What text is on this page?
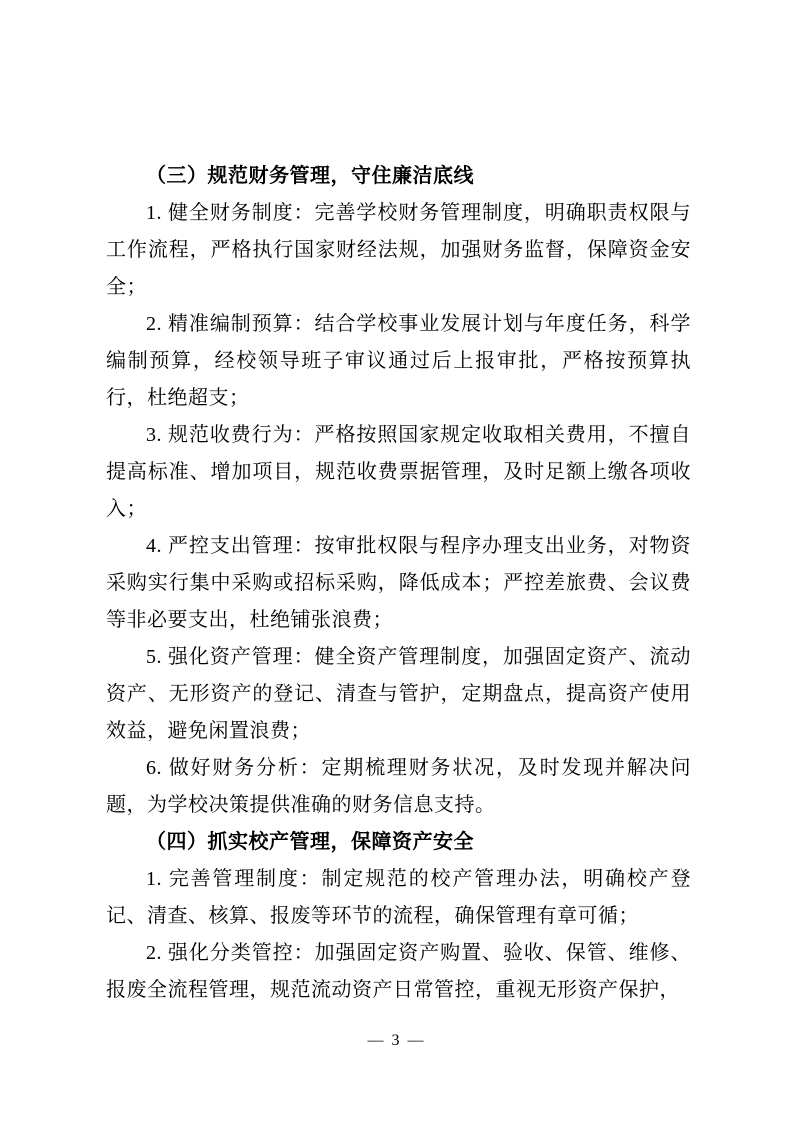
（三）规范财务管理，守住廉洁底线

1. 健全财务制度：完善学校财务管理制度，明确职责权限与工作流程，严格执行国家财经法规，加强财务监督，保障资金安全；

2. 精准编制预算：结合学校事业发展计划与年度任务，科学编制预算，经校领导班子审议通过后上报审批，严格按预算执行，杜绝超支；

3. 规范收费行为：严格按照国家规定收取相关费用，不擅自提高标准、增加项目，规范收费票据管理，及时足额上缴各项收入；

4. 严控支出管理：按审批权限与程序办理支出业务，对物资采购实行集中采购或招标采购，降低成本；严控差旅费、会议费等非必要支出，杜绝铺张浪费；

5. 强化资产管理：健全资产管理制度，加强固定资产、流动资产、无形资产的登记、清查与管护，定期盘点，提高资产使用效益，避免闲置浪费；

6. 做好财务分析：定期梳理财务状况，及时发现并解决问题，为学校决策提供准确的财务信息支持。

（四）抓实校产管理，保障资产安全

1. 完善管理制度：制定规范的校产管理办法，明确校产登记、清查、核算、报废等环节的流程，确保管理有章可循；

2. 强化分类管控：加强固定资产购置、验收、保管、维修、报废全流程管理，规范流动资产日常管控，重视无形资产保护，

— 3 —
